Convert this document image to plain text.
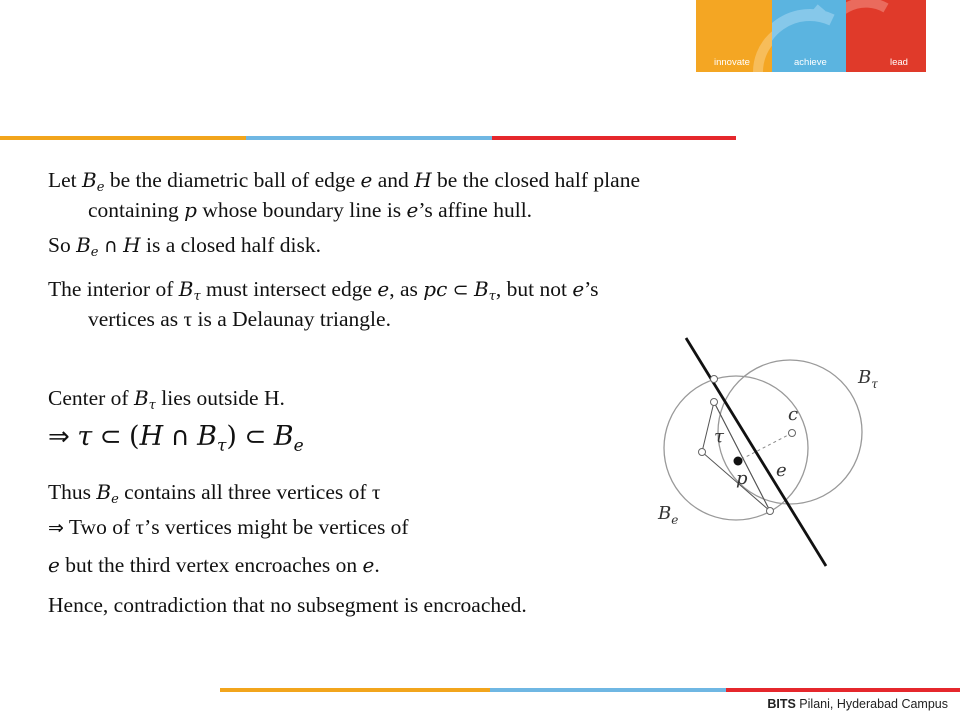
innovate	achieve	lead
BITS Pilani, Hyderabad Campus
Let $B_e$ be the diametric ball of edge e and H be the closed half plane
containing p whose boundary line is e’s affine hull.
So $B_e$ ∩ H is a closed half disk.
The interior of $B_\tau$ must intersect edge e, as pc ⊂ $B_\tau$, but not e’s
vertices as τ is a Delaunay triangle.
Center of $B_\tau$ lies outside H.
⇒ τ ⊂ (H ∩ $B_\tau$) ⊂ $B_e$
Thus $B_e$ contains all three vertices of τ
⇒ Two of τ’s vertices might be vertices of
e but the third vertex encroaches on e.
Hence, contradiction that no subsegment is encroached.
$B_\tau$
$B_e$
c
τ
p e
